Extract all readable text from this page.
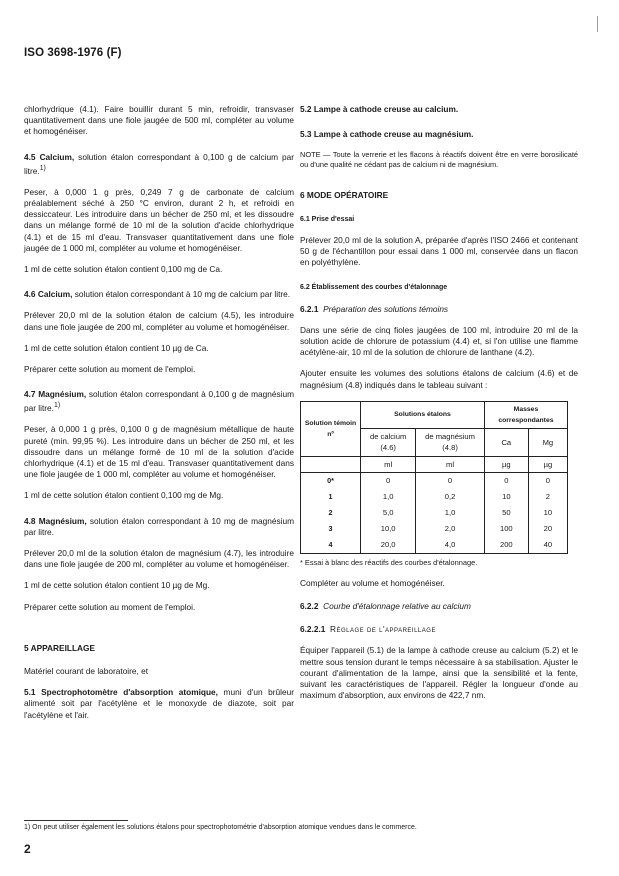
ISO 3698-1976 (F)

chlorhydrique (4.1). Faire bouillir durant 5 min, refroidir, transvaser quantitativement dans une fiole jaugée de 500 ml, compléter au volume et homogénéiser.

4.5 Calcium, solution étalon correspondant à 0,100 g de calcium par litre.$^{1)}$

Peser, à 0,000 1 g près, 0,249 7 g de carbonate de calcium préalablement séché à 250 °C environ, durant 2 h, et refroidi en dessiccateur. Les introduire dans un bécher de 250 ml, et les dissoudre dans un mélange formé de 10 ml de la solution d'acide chlorhydrique (4.1) et de 15 ml d'eau. Transvaser quantitativement dans une fiole jaugée de 1 000 ml, compléter au volume et homogénéiser.

1 ml de cette solution étalon contient 0,100 mg de Ca.

4.6 Calcium, solution étalon correspondant à 10 mg de calcium par litre.

Prélever 20,0 ml de la solution étalon de calcium (4.5), les introduire dans une fiole jaugée de 200 ml, compléter au volume et homogénéiser.

1 ml de cette solution étalon contient 10 µg de Ca.

Préparer cette solution au moment de l'emploi.

4.7 Magnésium, solution étalon correspondant à 0,100 g de magnésium par litre.$^{1)}$

Peser, à 0,000 1 g près, 0,100 0 g de magnésium métallique de haute pureté (min. 99,95 %). Les introduire dans un bécher de 250 ml, et les dissoudre dans un mélange formé de 10 ml de la solution d'acide chlorhydrique (4.1) et de 15 ml d'eau. Transvaser quantitativement dans une fiole jaugée de 1 000 ml, compléter au volume et homogénéiser.

1 ml de cette solution étalon contient 0,100 mg de Mg.

4.8 Magnésium, solution étalon correspondant à 10 mg de magnésium par litre.

Prélever 20,0 ml de la solution étalon de magnésium (4.7), les introduire dans une fiole jaugée de 200 ml, compléter au volume et homogénéiser.

1 ml de cette solution étalon contient 10 µg de Mg.

Préparer cette solution au moment de l'emploi.

5 APPAREILLAGE

Matériel courant de laboratoire, et

5.1 Spectrophotomètre d'absorption atomique, muni d'un brûleur alimenté soit par l'acétylène et le monoxyde de diazote, soit par l'acétylène et l'air.

5.2 Lampe à cathode creuse au calcium.

5.3 Lampe à cathode creuse au magnésium.

NOTE — Toute la verrerie et les flacons à réactifs doivent être en verre borosilicaté ou d'une qualité ne cédant pas de calcium ni de magnésium.

6 MODE OPÉRATOIRE

6.1 Prise d'essai

Prélever 20,0 ml de la solution A, préparée d'après l'ISO 2466 et contenant 50 g de l'échantillon pour essai dans 1 000 ml, conservée dans un flacon en polyéthylène.

6.2 Établissement des courbes d'étalonnage

6.2.1 Préparation des solutions témoins

Dans une série de cinq fioles jaugées de 100 ml, introduire 20 ml de la solution acide de chlorure de potassium (4.4) et, si l'on utilise une flamme acétylène-air, 10 ml de la solution de chlorure de lanthane (4.2).

Ajouter ensuite les volumes des solutions étalons de calcium (4.6) et de magnésium (4.8) indiqués dans le tableau suivant :

Solution témoin nº	Solutions étalons		Masses correspondantes	
	de calcium (4.6)	de magnésium (4.8)	Ca	Mg
	ml	ml	µg	µg
0*	0	0	0	0
1	1,0	0,2	10	2
2	5,0	1,0	50	10
3	10,0	2,0	100	20
4	20,0	4,0	200	40

* Essai à blanc des réactifs des courbes d'étalonnage.

Compléter au volume et homogénéiser.

6.2.2 Courbe d'étalonnage relative au calcium

6.2.2.1 Réglage de l'appareillage

Équiper l'appareil (5.1) de la lampe à cathode creuse au calcium (5.2) et le mettre sous tension durant le temps nécessaire à sa stabilisation. Ajuster le courant d'alimentation de la lampe, ainsi que la sensibilité et la fente, suivant les caractéristiques de l'appareil. Régler la longueur d'onde au maximum d'absorption, aux environs de 422,7 nm.

1) On peut utiliser également les solutions étalons pour spectrophotométrie d'absorption atomique vendues dans le commerce.
2
